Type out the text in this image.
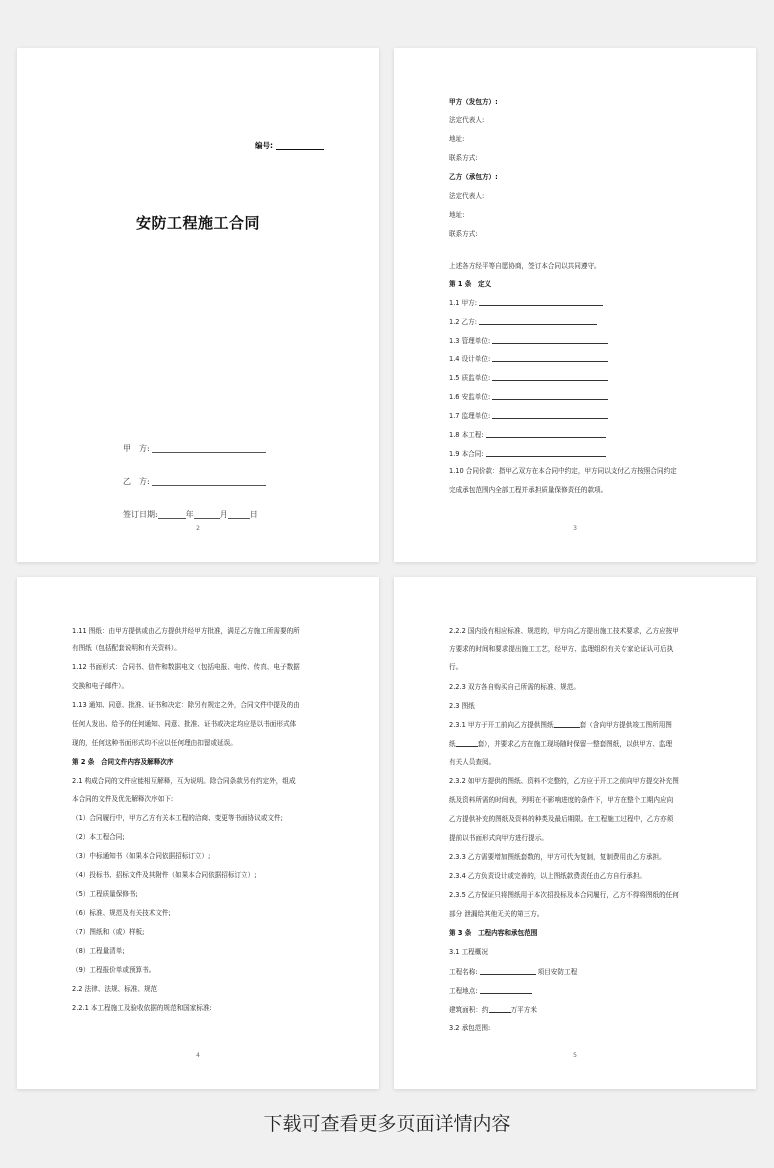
编号:
安防工程施工合同
甲　方:
乙　方:
签订日期:	年	月	日
2
甲方（发包方）:
法定代表人:
地址:
联系方式:
乙方（承包方）:
法定代表人:
地址:
联系方式:
上述各方经平等自愿协商，签订本合同以共同遵守。
第 1 条　定义
1.1 甲方:
1.2 乙方:
1.3 管理单位:
1.4 设计单位:
1.5 质监单位:
1.6 安监单位:
1.7 监理单位:
1.8 本工程:
1.9 本合同:
1.10 合同价款：指甲乙双方在本合同中约定，甲方同以支付乙方按照合同约定
完成承包范围内全部工程并承担质量保修责任的款项。
3
1.11 图纸：由甲方提供或由乙方提供并经甲方批准，满足乙方施工所需要的所
有图纸（包括配套说明和有关资料）。
1.12 书面形式：合同书、信件和数据电文（包括电报、电传、传真、电子数据
交换和电子邮件）。
1.13 通知、同意、批准、证书和决定：除另有规定之外，合同文件中提及的由
任何人发出、给予的任何通知、同意、批准、证书或决定均应是以书面形式体
现的，任何这种书面形式均不应以任何理由扣留或延误。
第 2 条　合同文件内容及解释次序
2.1 构成合同的文件应能相互解释，互为说明。除合同条款另有约定外，组成
本合同的文件及优先解释次序如下:
（1）合同履行中，甲方乙方有关本工程的洽商、变更等书面协议或文件;
（2）本工程合同;
（3）中标通知书（如果本合同依据招标订立）;
（4）投标书、招标文件及其附件（如果本合同依据招标订立）;
（5）工程质量保修书;
（6）标准、规范及有关技术文件;
（7）图纸和（或）样板;
（8）工程量清单;
（9）工程报价单或预算书。
2.2 法律、法规、标准、规范
2.2.1 本工程施工及验收依据的规范和国家标准:
4
2.2.2 国内没有相应标准、规范的，甲方向乙方提出施工技术要求，乙方应按甲
方要求的时间和要求提出施工工艺，经甲方、监理组织有关专家论证认可后执
行。
2.2.3 双方各自购买自己所需的标准、规范。
2.3 图纸
2.3.1 甲方于开工前向乙方提供图纸	套（含向甲方提供竣工图所用图
纸	套），并要求乙方在施工现场随时保留一整套图纸，以供甲方、监理
有关人员查阅。
2.3.2 如甲方提供的图纸、资料不完整的，乙方应于开工之前向甲方提交补充图
纸及资料所需的时间表，列明在不影响进度的条件下，甲方在整个工期内应向
乙方提供补充的图纸及资料的种类及最后期限。在工程施工过程中，乙方亦须
提前以书面形式向甲方进行提示。
2.3.3 乙方需要增加图纸套数的，甲方可代为复制，复制费用由乙方承担。
2.3.4 乙方负责设计或完善的，以上图纸款费责任由乙方自行承担。
2.3.5 乙方保证只将图纸用于本次招投标及本合同履行，乙方不得将图纸的任何
部分 泄漏给其他无关的第三方。
第 3 条　工程内容和承包范围
3.1 工程概况
工程名称:	项目安防工程
工程地点:
建筑面积：约	万平方米
3.2 承包范围:
5
下载可查看更多页面详情内容
